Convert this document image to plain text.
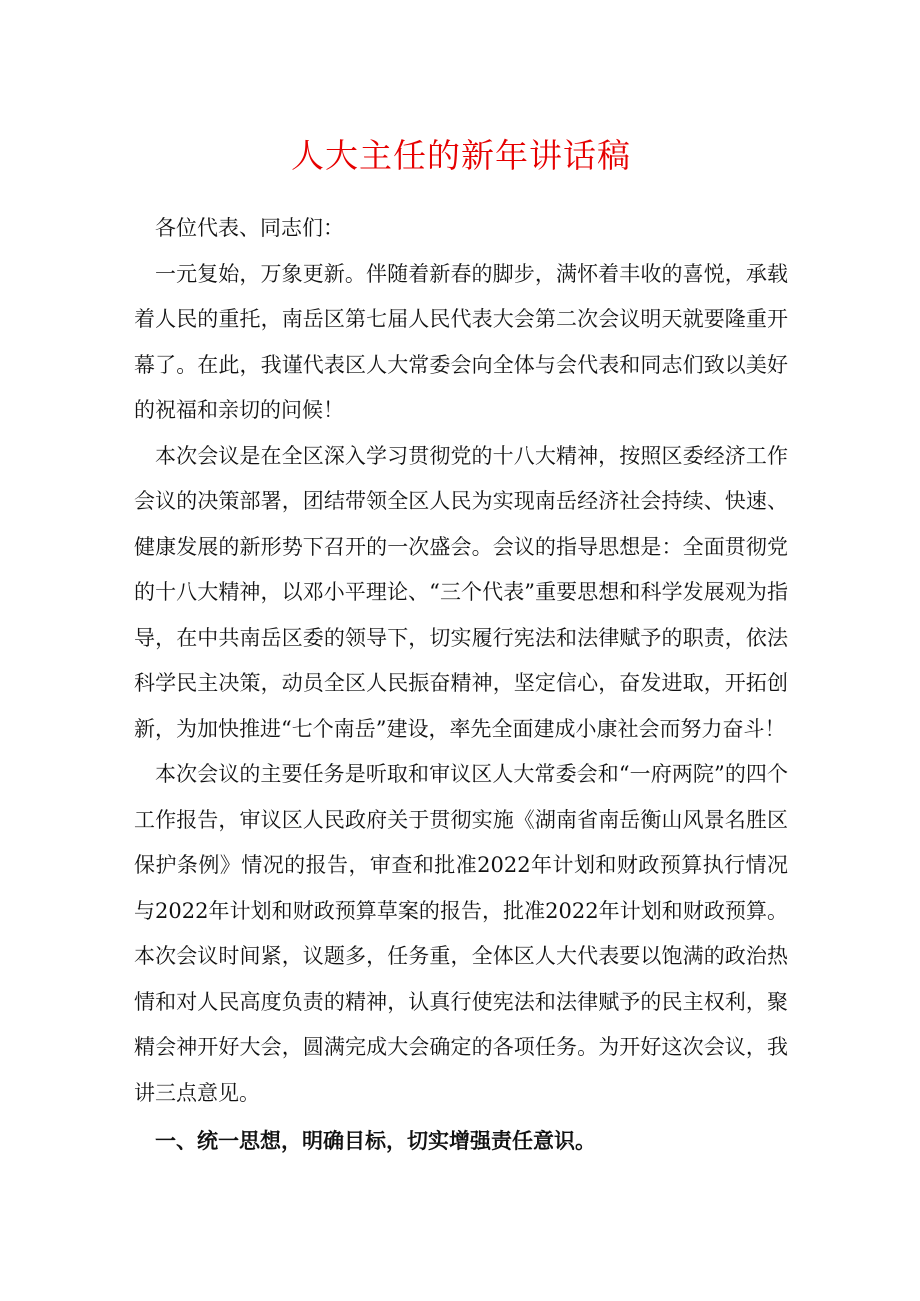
人大主任的新年讲话稿

各位代表、同志们：

一元复始，万象更新。伴随着新春的脚步，满怀着丰收的喜悦，承载着人民的重托，南岳区第七届人民代表大会第二次会议明天就要隆重开幕了。在此，我谨代表区人大常委会向全体与会代表和同志们致以美好的祝福和亲切的问候！

本次会议是在全区深入学习贯彻党的十八大精神，按照区委经济工作会议的决策部署，团结带领全区人民为实现南岳经济社会持续、快速、健康发展的新形势下召开的一次盛会。会议的指导思想是：全面贯彻党的十八大精神，以邓小平理论、“三个代表”重要思想和科学发展观为指导，在中共南岳区委的领导下，切实履行宪法和法律赋予的职责，依法科学民主决策，动员全区人民振奋精神，坚定信心，奋发进取，开拓创新，为加快推进“七个南岳”建设，率先全面建成小康社会而努力奋斗！

本次会议的主要任务是听取和审议区人大常委会和“一府两院”的四个工作报告，审议区人民政府关于贯彻实施《湖南省南岳衡山风景名胜区保护条例》情况的报告，审查和批准2022年计划和财政预算执行情况与2022年计划和财政预算草案的报告，批准2022年计划和财政预算。本次会议时间紧，议题多，任务重，全体区人大代表要以饱满的政治热情和对人民高度负责的精神，认真行使宪法和法律赋予的民主权利，聚精会神开好大会，圆满完成大会确定的各项任务。为开好这次会议，我讲三点意见。

一、统一思想，明确目标，切实增强责任意识。
